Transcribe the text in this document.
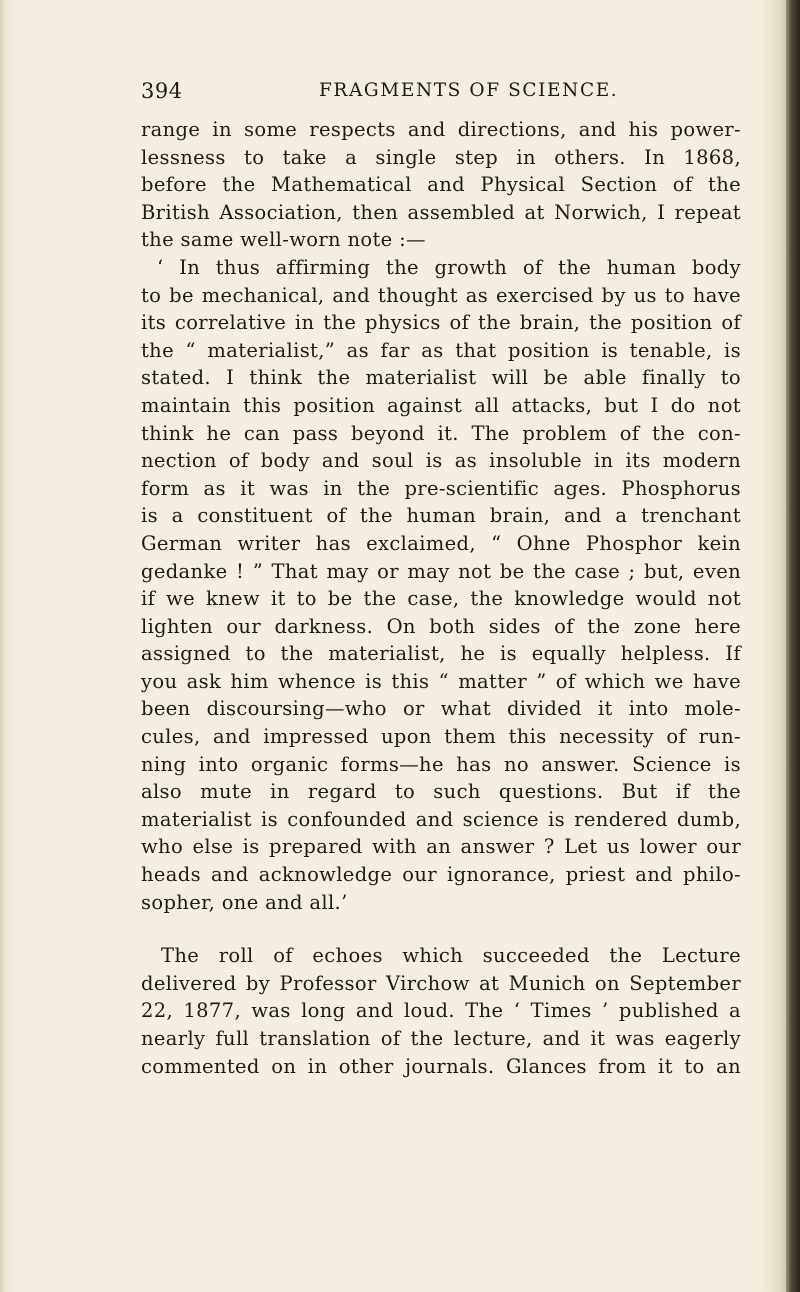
394	FRAGMENTS OF SCIENCE.
range in some respects and directions, and his power-
lessness to take a single step in others. In 1868,
before the Mathematical and Physical Section of the
British Association, then assembled at Norwich, I repeat
the same well-worn note :—
‘ In thus affirming the growth of the human body
to be mechanical, and thought as exercised by us to have
its correlative in the physics of the brain, the position of
the “ materialist,” as far as that position is tenable, is
stated. I think the materialist will be able finally to
maintain this position against all attacks, but I do not
think he can pass beyond it. The problem of the con-
nection of body and soul is as insoluble in its modern
form as it was in the pre-scientific ages. Phosphorus
is a constituent of the human brain, and a trenchant
German writer has exclaimed, “ Ohne Phosphor kein
gedanke ! ” That may or may not be the case ; but, even
if we knew it to be the case, the knowledge would not
lighten our darkness. On both sides of the zone here
assigned to the materialist, he is equally helpless. If
you ask him whence is this “ matter ” of which we have
been discoursing—who or what divided it into mole-
cules, and impressed upon them this necessity of run-
ning into organic forms—he has no answer. Science is
also mute in regard to such questions. But if the
materialist is confounded and science is rendered dumb,
who else is prepared with an answer ? Let us lower our
heads and acknowledge our ignorance, priest and philo-
sopher, one and all.’
The roll of echoes which succeeded the Lecture
delivered by Professor Virchow at Munich on September
22, 1877, was long and loud. The ‘ Times ’ published a
nearly full translation of the lecture, and it was eagerly
commented on in other journals. Glances from it to an
